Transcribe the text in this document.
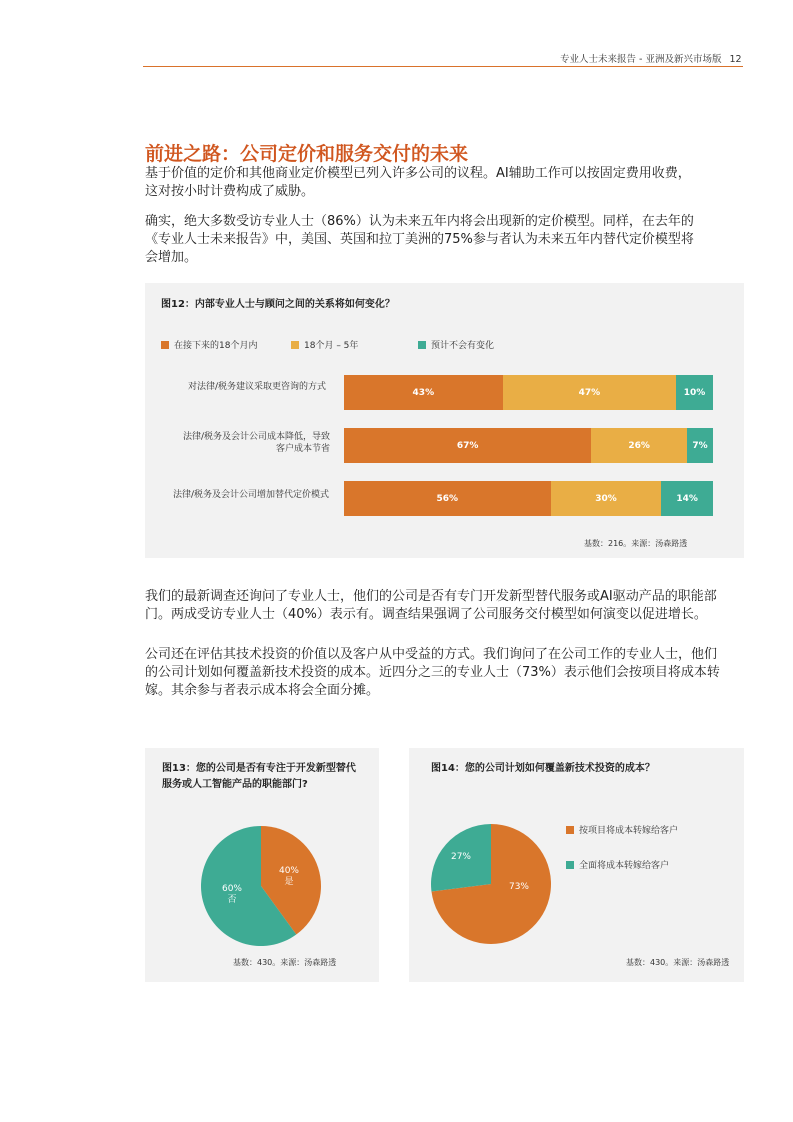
专业人士未来报告 - 亚洲及新兴市场版 12
前进之路：公司定价和服务交付的未来
基于价值的定价和其他商业定价模型已列入许多公司的议程。AI辅助工作可以按固定费用收费，
这对按小时计费构成了威胁。
确实，绝大多数受访专业人士（86%）认为未来五年内将会出现新的定价模型。同样，在去年的
《专业人士未来报告》中，美国、英国和拉丁美洲的75%参与者认为未来五年内替代定价模型将
会增加。
图12：内部专业人士与顾问之间的关系将如何变化？
在接下来的18个月内	18个月 – 5年	预计不会有变化
对法律/税务建议采取更咨询的方式
法律/税务及会计公司成本降低，导致
客户成本节省
法律/税务及会计公司增加替代定价模式
43%	47%	10%
67%	26%	7%
56%	30%	14%
基数：216。来源：汤森路透
我们的最新调查还询问了专业人士，他们的公司是否有专门开发新型替代服务或AI驱动产品的职能部
门。两成受访专业人士（40%）表示有。调查结果强调了公司服务交付模型如何演变以促进增长。
公司还在评估其技术投资的价值以及客户从中受益的方式。我们询问了在公司工作的专业人士，他们
的公司计划如何覆盖新技术投资的成本。近四分之三的专业人士（73%）表示他们会按项目将成本转
嫁。其余参与者表示成本将会全面分摊。
图13：您的公司是否有专注于开发新型替代
服务或人工智能产品的职能部门?
40%
是
60%
否
基数：430。来源：汤森路透
图14：您的公司计划如何覆盖新技术投资的成本？
73%
27%
按项目将成本转嫁给客户
全面将成本转嫁给客户
基数：430。来源：汤森路透
